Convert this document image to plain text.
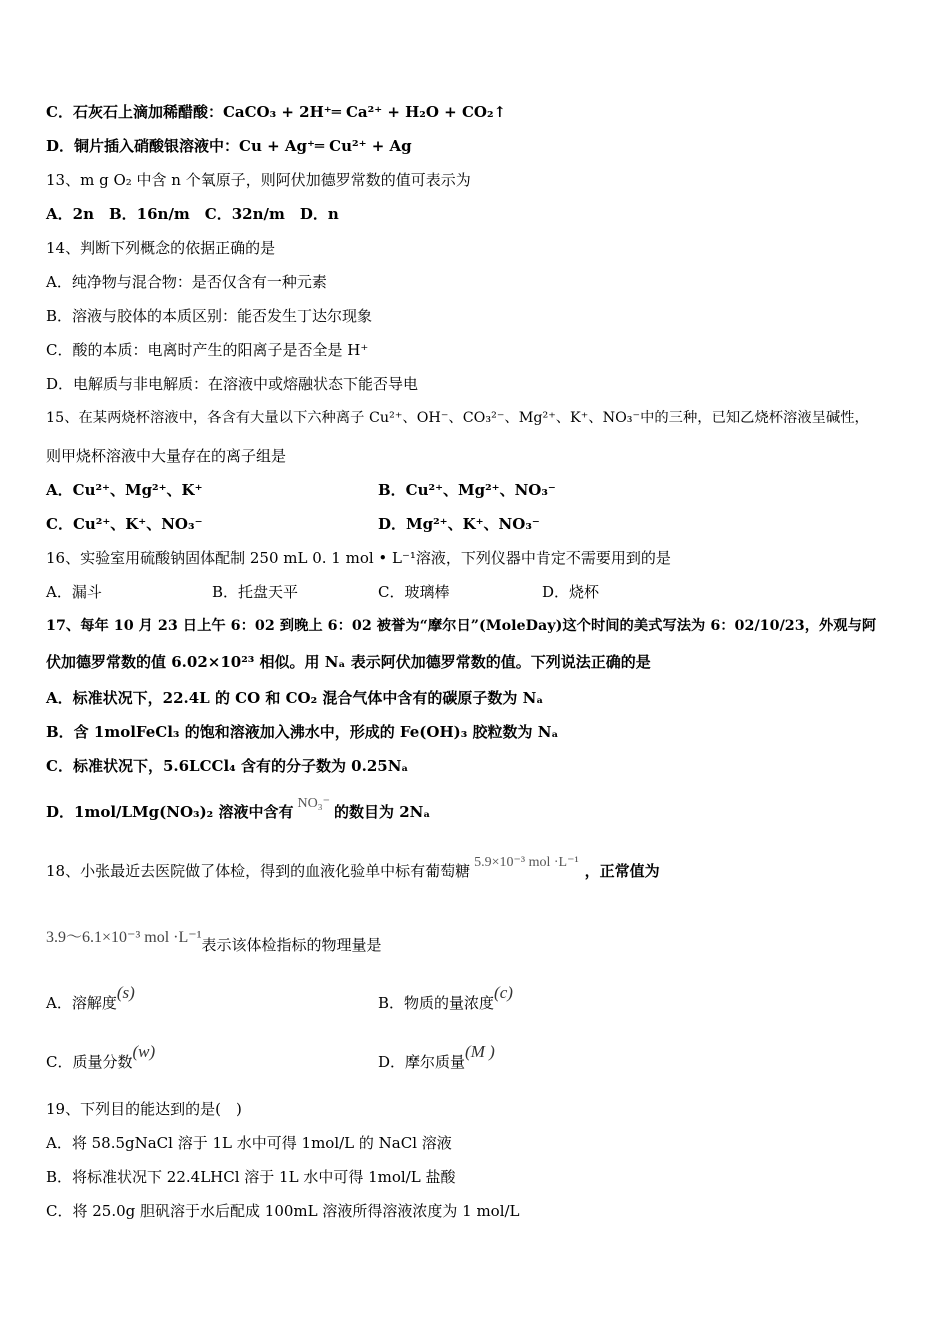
C．石灰石上滴加稀醋酸：CaCO₃ + 2H⁺═ Ca²⁺ + H₂O + CO₂↑
D．铜片插入硝酸银溶液中：Cu + Ag⁺═ Cu²⁺ + Ag
13、m g O₂ 中含 n 个氧原子，则阿伏加德罗常数的值可表示为
A．2n　B．16n/m　C．32n/m　D．n
14、判断下列概念的依据正确的是
A．纯净物与混合物：是否仅含有一种元素
B．溶液与胶体的本质区别：能否发生丁达尔现象
C．酸的本质：电离时产生的阳离子是否全是 H⁺
D．电解质与非电解质：在溶液中或熔融状态下能否导电
15、在某两烧杯溶液中，各含有大量以下六种离子 Cu²⁺、OH⁻、CO₃²⁻、Mg²⁺、K⁺、NO₃⁻中的三种，已知乙烧杯溶液呈碱性，
则甲烧杯溶液中大量存在的离子组是
A．Cu²⁺、Mg²⁺、K⁺	B．Cu²⁺、Mg²⁺、NO₃⁻
C．Cu²⁺、K⁺、NO₃⁻	D．Mg²⁺、K⁺、NO₃⁻
16、实验室用硫酸钠固体配制 250 mL 0. 1 mol • L⁻¹溶液，下列仪器中肯定不需要用到的是
A．漏斗	B．托盘天平	C．玻璃棒	D．烧杯
17、每年 10 月 23 日上午 6：02 到晚上 6：02 被誉为“摩尔日”(MoleDay)这个时间的美式写法为 6：02/10/23，外观与阿
伏加德罗常数的值 6.02×10²³ 相似。用 Nₐ 表示阿伏加德罗常数的值。下列说法正确的是
A．标准状况下，22.4L 的 CO 和 CO₂ 混合气体中含有的碳原子数为 Nₐ
B．含 1molFeCl₃ 的饱和溶液加入沸水中，形成的 Fe(OH)₃ 胶粒数为 Nₐ
C．标准状况下，5.6LCCl₄ 含有的分子数为 0.25Nₐ
D．1mol/LMg(NO₃)₂ 溶液中含有 NO₃⁻ 的数目为 2Nₐ
18、小张最近去医院做了体检，得到的血液化验单中标有葡萄糖 5.9×10⁻³ mol ·L⁻¹ ，正常值为
3.9～6.1×10⁻³ mol ·L⁻¹表示该体检指标的物理量是
A．溶解度(s)
B．物质的量浓度(c)
C．质量分数(w)
D．摩尔质量(M )
19、下列目的能达到的是(　)
A．将 58.5gNaCl 溶于 1L 水中可得 1mol/L 的 NaCl 溶液
B．将标准状况下 22.4LHCl 溶于 1L 水中可得 1mol/L 盐酸
C．将 25.0g 胆矾溶于水后配成 100mL 溶液所得溶液浓度为 1 mol/L
